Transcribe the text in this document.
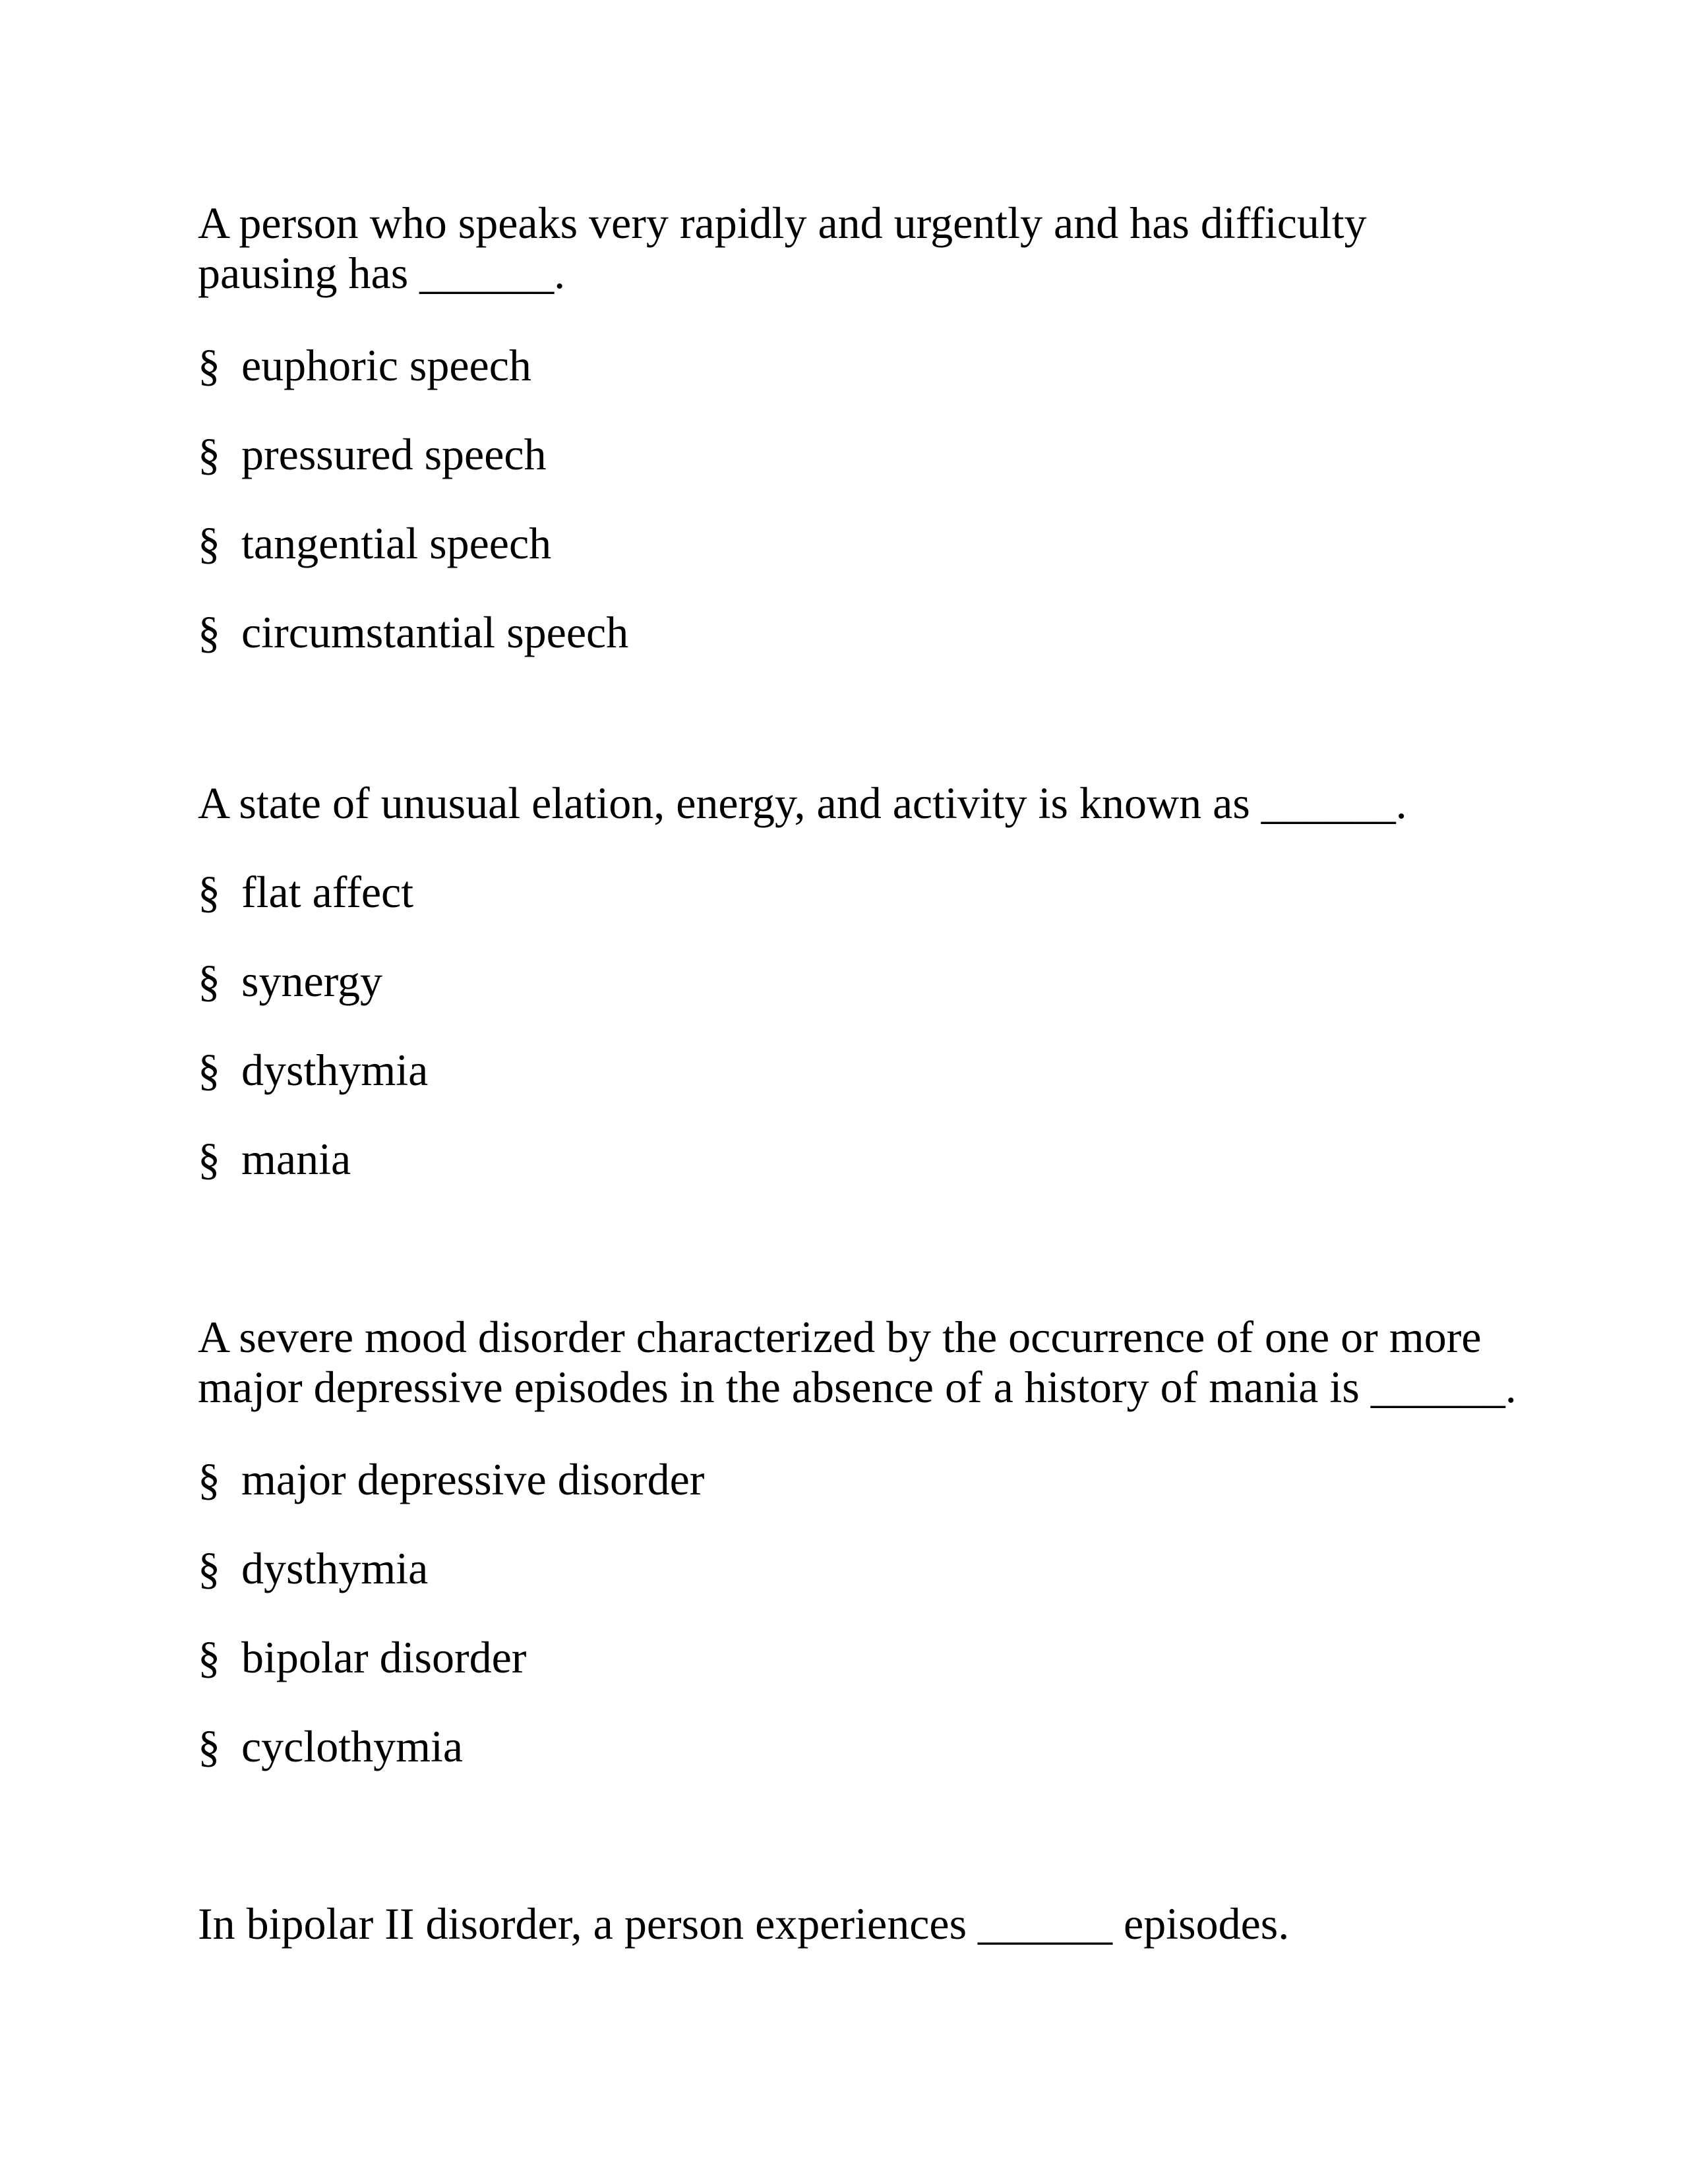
A person who speaks very rapidly and urgently and has difficulty
pausing has ______.

§ euphoric speech
§ pressured speech
§ tangential speech
§ circumstantial speech

A state of unusual elation, energy, and activity is known as ______.

§ flat affect
§ synergy
§ dysthymia
§ mania

A severe mood disorder characterized by the occurrence of one or more
major depressive episodes in the absence of a history of mania is ______.

§ major depressive disorder
§ dysthymia
§ bipolar disorder
§ cyclothymia

In bipolar II disorder, a person experiences ______ episodes.
